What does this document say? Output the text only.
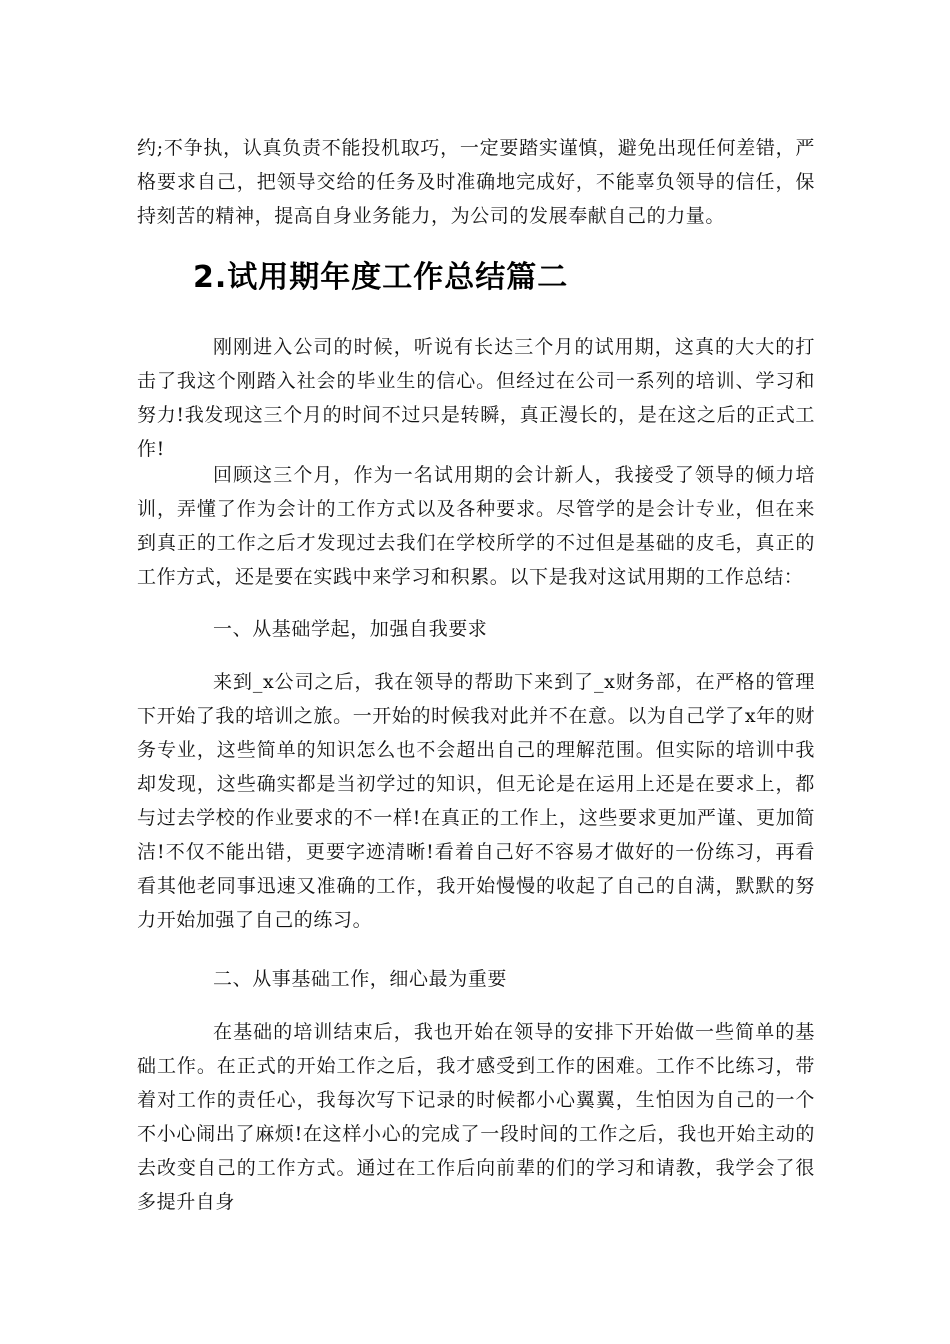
约;不争执，认真负责不能投机取巧，一定要踏实谨慎，避免出现任何差错，严格要求自己，把领导交给的任务及时准确地完成好，不能辜负领导的信任，保持刻苦的精神，提高自身业务能力，为公司的发展奉献自己的力量。

2.试用期年度工作总结篇二

刚刚进入公司的时候，听说有长达三个月的试用期，这真的大大的打击了我这个刚踏入社会的毕业生的信心。但经过在公司一系列的培训、学习和努力!我发现这三个月的时间不过只是转瞬，真正漫长的，是在这之后的正式工作!

回顾这三个月，作为一名试用期的会计新人，我接受了领导的倾力培训，弄懂了作为会计的工作方式以及各种要求。尽管学的是会计专业，但在来到真正的工作之后才发现过去我们在学校所学的不过但是基础的皮毛，真正的工作方式，还是要在实践中来学习和积累。以下是我对这试用期的工作总结：

一、从基础学起，加强自我要求

来到_x公司之后，我在领导的帮助下来到了_x财务部，在严格的管理下开始了我的培训之旅。一开始的时候我对此并不在意。以为自己学了x年的财务专业，这些简单的知识怎么也不会超出自己的理解范围。但实际的培训中我却发现，这些确实都是当初学过的知识，但无论是在运用上还是在要求上，都与过去学校的作业要求的不一样!在真正的工作上，这些要求更加严谨、更加简洁!不仅不能出错，更要字迹清晰!看着自己好不容易才做好的一份练习，再看看其他老同事迅速又准确的工作，我开始慢慢的收起了自己的自满，默默的努力开始加强了自己的练习。

二、从事基础工作，细心最为重要

在基础的培训结束后，我也开始在领导的安排下开始做一些简单的基础工作。在正式的开始工作之后，我才感受到工作的困难。工作不比练习，带着对工作的责任心，我每次写下记录的时候都小心翼翼，生怕因为自己的一个不小心闹出了麻烦!在这样小心的完成了一段时间的工作之后，我也开始主动的去改变自己的工作方式。通过在工作后向前辈的们的学习和请教，我学会了很多提升自身
